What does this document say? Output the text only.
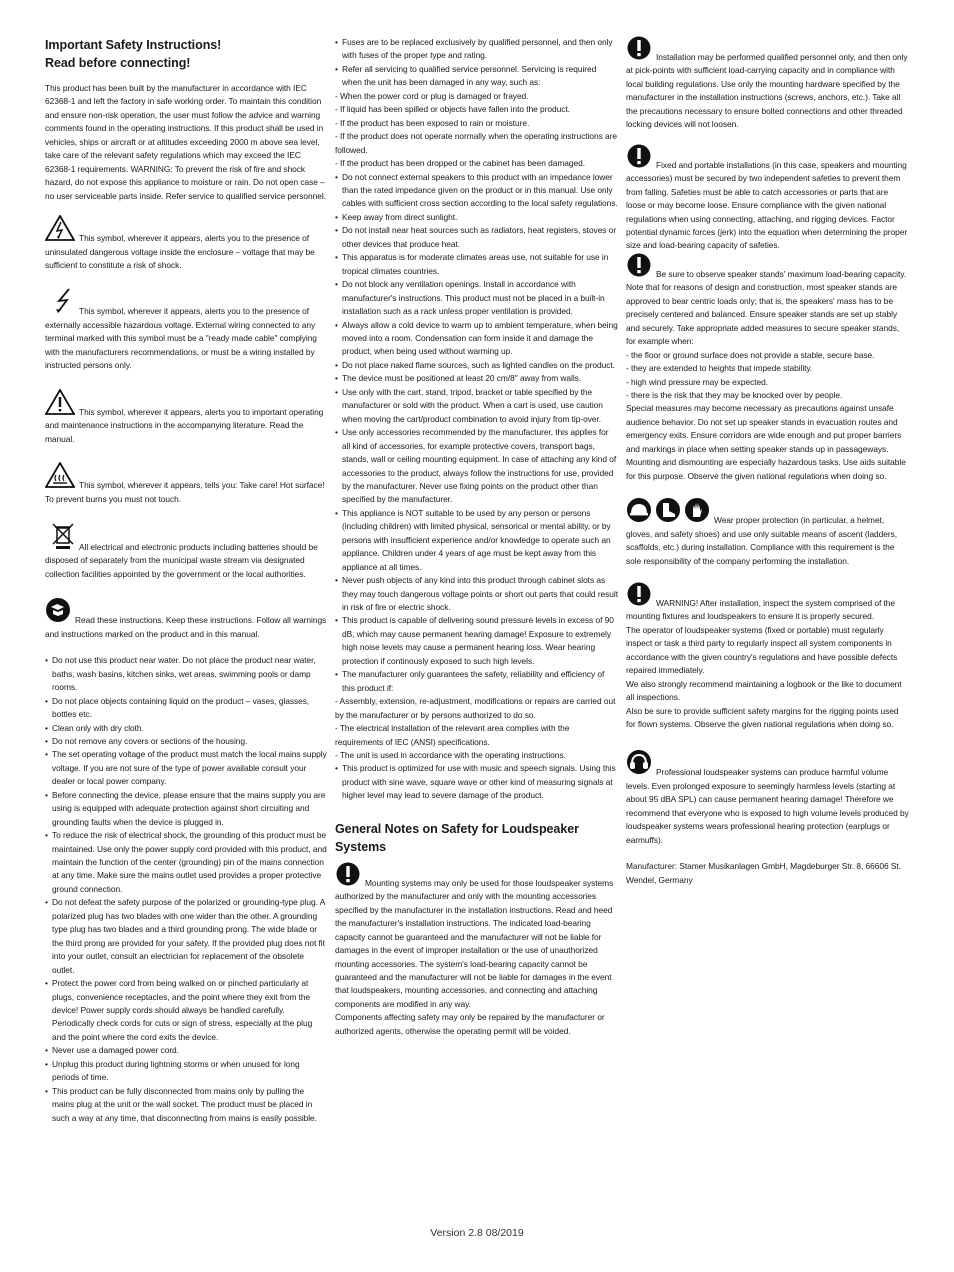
Important Safety Instructions!
Read before connecting!

This product has been built by the manufacturer in accordance with IEC 62368-1 and left the factory in safe working order. To maintain this condition and ensure non-risk operation, the user must follow the advice and warning comments found in the operating instructions. If this product shall be used in vehicles, ships or aircraft or at altitudes exceeding 2000 m above sea level, take care of the relevant safety regulations which may exceed the IEC 62368-1 requirements. WARNING: To prevent the risk of fire and shock hazard, do not expose this appliance to moisture or rain. Do not open case – no user serviceable parts inside. Refer service to qualified service personnel.

This symbol, wherever it appears, alerts you to the presence of uninsulated dangerous voltage inside the enclosure – voltage that may be sufficient to constitute a risk of shock.

This symbol, wherever it appears, alerts you to the presence of externally accessible hazardous voltage. External wiring connected to any terminal marked with this symbol must be a "ready made cable" complying with the manufacturers recommendations, or must be a wiring installed by instructed persons only.

This symbol, wherever it appears, alerts you to important operating and maintenance instructions in the accompanying literature. Read the manual.

This symbol, wherever it appears, tells you: Take care! Hot surface! To prevent burns you must not touch.

All electrical and electronic products including batteries should be disposed of separately from the municipal waste stream via designated collection facilities appointed by the government or the local authorities.

Read these instructions. Keep these instructions. Follow all warnings and instructions marked on the product and in this manual.

• Do not use this product near water. Do not place the product near water, baths, wash basins, kitchen sinks, wet areas, swimming pools or damp rooms.
• Do not place objects containing liquid on the product – vases, glasses, bottles etc.
• Clean only with dry cloth.
• Do not remove any covers or sections of the housing.
• The set operating voltage of the product must match the local mains supply voltage. If you are not sure of the type of power available consult your dealer or local power company.
• Before connecting the device, please ensure that the mains supply you are using is equipped with adequate protection against short circuiting and grounding faults when the device is plugged in.
• To reduce the risk of electrical shock, the grounding of this product must be maintained. Use only the power supply cord provided with this product, and maintain the function of the center (grounding) pin of the mains connection at any time. Make sure the mains outlet used provides a proper protective ground connection.
• Do not defeat the safety purpose of the polarized or grounding-type plug. A polarized plug has two blades with one wider than the other. A grounding type plug has two blades and a third grounding prong. The wide blade or the third prong are provided for your safety. If the provided plug does not fit into your outlet, consult an electrician for replacement of the obsolete outlet.
• Protect the power cord from being walked on or pinched particularly at plugs, convenience receptacles, and the point where they exit from the device! Power supply cords should always be handled carefully. Periodically check cords for cuts or sign of stress, especially at the plug and the point where the cord exits the device.
• Never use a damaged power cord.
• Unplug this product during lightning storms or when unused for long periods of time.
• This product can be fully disconnected from mains only by pulling the mains plug at the unit or the wall socket. The product must be placed in such a way at any time, that disconnecting from mains is easily possible.
• Fuses are to be replaced exclusively by qualified personnel, and then only with fuses of the proper type and rating.
• Refer all servicing to qualified service personnel. Servicing is required when the unit has been damaged in any way, such as:
- When the power cord or plug is damaged or frayed.
- If liquid has been spilled or objects have fallen into the product.
- If the product has been exposed to rain or moisture.
- If the product does not operate normally when the operating instructions are followed.
- If the product has been dropped or the cabinet has been damaged.
• Do not connect external speakers to this product with an impedance lower than the rated impedance given on the product or in this manual. Use only cables with sufficient cross section according to the local safety regulations.
• Keep away from direct sunlight.
• Do not install near heat sources such as radiators, heat registers, stoves or other devices that produce heat.
• This apparatus is for moderate climates areas use, not suitable for use in tropical climates countries.
• Do not block any ventilation openings. Install in accordance with manufacturer's instructions. This product must not be placed in a built-in installation such as a rack unless proper ventilation is provided.
• Always allow a cold device to warm up to ambient temperature, when being moved into a room. Condensation can form inside it and damage the product, when being used without warming up.
• Do not place naked flame sources, such as lighted candles on the product.
• The device must be positioned at least 20 cm/8" away from walls.
• Use only with the cart, stand, tripod, bracket or table specified by the manufacturer or sold with the product. When a cart is used, use caution when moving the cart/product combination to avoid injury from tip-over.
• Use only accessories recommended by the manufacturer, this applies for all kind of accessories, for example protective covers, transport bags, stands, wall or ceiling mounting equipment. In case of attaching any kind of accessories to the product, always follow the instructions for use, provided by the manufacturer. Never use fixing points on the product other than specified by the manufacturer.
• This appliance is NOT suitable to be used by any person or persons (including children) with limited physical, sensorical or mental ability, or by persons with insufficient experience and/or knowledge to operate such an appliance. Children under 4 years of age must be kept away from this appliance at all times.
• Never push objects of any kind into this product through cabinet slots as they may touch dangerous voltage points or short out parts that could result in risk of fire or electric shock.
• This product is capable of delivering sound pressure levels in excess of 90 dB, which may cause permanent hearing damage! Exposure to extremely high noise levels may cause a permanent hearing loss. Wear hearing protection if continously exposed to such high levels.
• The manufacturer only guarantees the safety, reliability and efficiency of this product if:
- Assembly, extension, re-adjustment, modifications or repairs are carried out by the manufacturer or by persons authorized to do so.
- The electrical installation of the relevant area complies with the requirements of IEC (ANSI) specifications.
- The unit is used in accordance with the operating instructions.
• This product is optimized for use with music and speech signals. Using this product with sine wave, square wave or other kind of measuring signals at higher level may lead to severe damage of the product.
General Notes on Safety for Loudspeaker Systems

Mounting systems may only be used for those loudspeaker systems authorized by the manufacturer and only with the mounting accessories specified by the manufacturer in the installation instructions. Read and heed the manufacturer's installation instructions. The indicated load-bearing capacity cannot be guaranteed and the manufacturer will not be liable for damages in the event of improper installation or the use of unauthorized mounting accessories. The system's load-bearing capacity cannot be guaranteed and the manufacturer will not be liable for damages in the event that loudspeakers, mounting accessories, and connecting and attaching components are modified in any way.

Components affecting safety may only be repaired by the manufacturer or authorized agents, otherwise the operating permit will be voided.

Installation may be performed qualified personnel only, and then only at pick-points with sufficient load-carrying capacity and in compliance with local building regulations. Use only the mounting hardware specified by the manufacturer in the installation instructions (screws, anchors, etc.). Take all the precautions necessary to ensure bolted connections and other threaded locking devices will not loosen.

Fixed and portable installations (in this case, speakers and mounting accessories) must be secured by two independent safeties to prevent them from falling. Safeties must be able to catch accessories or parts that are loose or may become loose. Ensure compliance with the given national regulations when using connecting, attaching, and rigging devices. Factor potential dynamic forces (jerk) into the equation when determining the proper size and load-bearing capacity of safeties.

Be sure to observe speaker stands' maximum load-bearing capacity. Note that for reasons of design and construction, most speaker stands are approved to bear centric loads only; that is, the speakers' mass has to be precisely centered and balanced. Ensure speaker stands are set up stably and securely. Take appropriate added measures to secure speaker stands, for example when:

- the floor or ground surface does not provide a stable, secure base.
- they are extended to heights that impede stability.
- high wind pressure may be expected.
- there is the risk that they may be knocked over by people.

Special measures may become necessary as precautions against unsafe audience behavior. Do not set up speaker stands in evacuation routes and emergency exits. Ensure corridors are wide enough and put proper barriers and markings in place when setting speaker stands up in passageways. Mounting and dismounting are especially hazardous tasks. Use aids suitable for this purpose. Observe the given national regulations when doing so.

Wear proper protection (in particular, a helmet, gloves, and safety shoes) and use only suitable means of ascent (ladders, scaffolds, etc.) during installation. Compliance with this requirement is the sole responsibility of the company performing the installation.

WARNING! After installation, inspect the system comprised of the mounting fixtures and loudspeakers to ensure it is properly secured.

The operator of loudspeaker systems (fixed or portable) must regularly inspect or task a third party to regularly inspect all system components in accordance with the given country's regulations and have possible defects repaired immediately.

We also strongly recommend maintaining a logbook or the like to document all inspections.

Also be sure to provide sufficient safety margins for the rigging points used for flown systems. Observe the given national regulations when doing so.

Professional loudspeaker systems can produce harmful volume levels. Even prolonged exposure to seemingly harmless levels (starting at about 95 dBA SPL) can cause permanent hearing damage! Therefore we recommend that everyone who is exposed to high volume levels produced by loudspeaker systems wears professional hearing protection (earplugs or earmuffs).

Manufacturer: Stamer Musikanlagen GmbH, Magdeburger Str. 8, 66606 St. Wendel, Germany

Version 2.8 08/2019
